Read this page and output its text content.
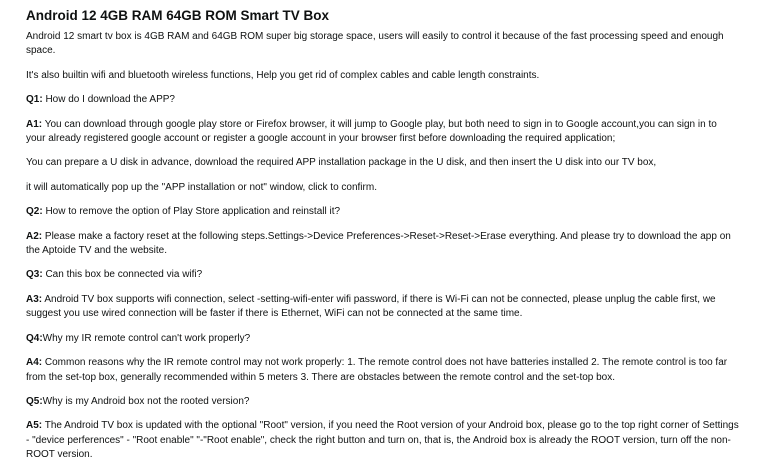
Android 12 4GB RAM 64GB ROM Smart TV Box

Android 12 smart tv box is 4GB RAM and 64GB ROM super big storage space, users will easily to control it because of the fast processing speed and enough space.

It's also builtin wifi and bluetooth wireless functions, Help you get rid of complex cables and cable length constraints.

Q1: How do I download the APP?

A1: You can download through google play store or Firefox browser, it will jump to Google play, but both need to sign in to Google account,you can sign in to your already registered google account or register a google account in your browser first before downloading the required application;

You can prepare a U disk in advance, download the required APP installation package in the U disk, and then insert the U disk into our TV box,

it will automatically pop up the "APP installation or not" window, click to confirm.

Q2: How to remove the option of Play Store application and reinstall it?

A2: Please make a factory reset at the following steps.Settings->Device Preferences->Reset->Reset->Erase everything. And please try to download the app on the Aptoide TV and the website.

Q3: Can this box be connected via wifi?

A3: Android TV box supports wifi connection, select -setting-wifi-enter wifi password, if there is Wi-Fi can not be connected, please unplug the cable first, we suggest you use wired connection will be faster if there is Ethernet, WiFi can not be connected at the same time.

Q4:Why my IR remote control can't work properly?

A4: Common reasons why the IR remote control may not work properly: 1. The remote control does not have batteries installed 2. The remote control is too far from the set-top box, generally recommended within 5 meters 3. There are obstacles between the remote control and the set-top box.

Q5:Why is my Android box not the rooted version?

A5: The Android TV box is updated with the optional "Root" version, if you need the Root version of your Android box, please go to the top right corner of Settings - "device perferences" - "Root enable" "-"Root enable", check the right button and turn on, that is, the Android box is already the ROOT version, turn off the non-ROOT version.
